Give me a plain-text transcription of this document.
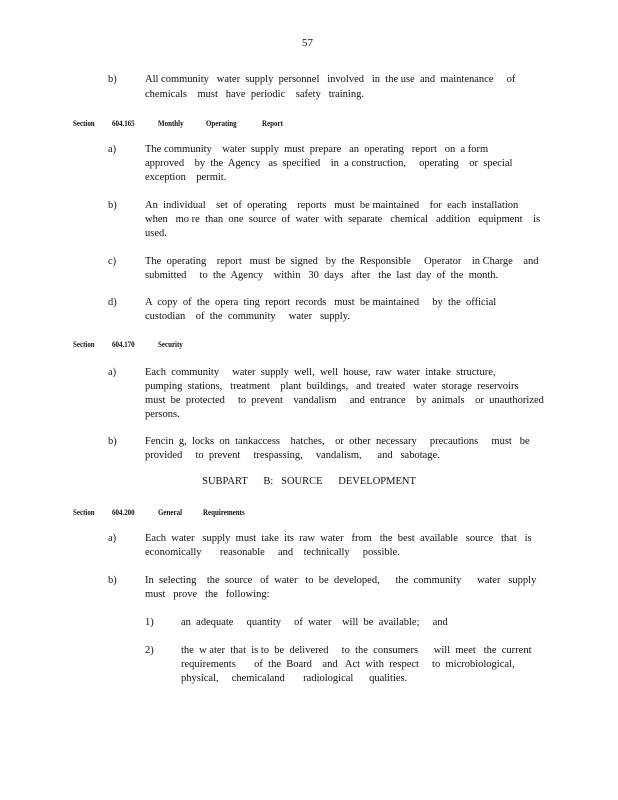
57
b)	All community   water  supply  personnel   involved   in  the use  and  maintenance     of
chemicals    must   have  periodic    safety   training.
Section 604.165	Monthly	Operating	Report
a)	The community    water  supply  must  prepare   an  operating   report   on  a form
approved    by  the  Agency   as  specified    in  a construction,     operating    or  special
exception    permit.
b)	An  individual    set  of  operating    reports   must  be maintained    for  each  installation
when   mo re  than  one  source  of  water  with  separate   chemical   addition   equipment    is
used.
c)	The  operating    report   must  be  signed   by  the  Responsible     Operator    in Charge    and
submitted     to  the  Agency    within   30  days   after   the  last  day  of  the  month.
d)	A  copy  of  the  opera  ting  report  records   must  be maintained     by  the  official
custodian    of  the  community     water   supply.
Section 604.170	Security
a)	Each  community     water  supply  well,  well  house,  raw  water  intake  structure,
pumping  stations,   treatment    plant  buildings,   and  treated   water  storage  reservoirs
must  be  protected     to  prevent    vandalism     and  entrance    by  animals    or  unauthorized
persons.
b)	Fencin  g,  locks  on  tankaccess    hatches,    or  other  necessary     precautions     must   be
provided     to  prevent     trespassing,     vandalism,      and   sabotage.
SUBPART      B:   SOURCE      DEVELOPMENT
Section 604.200	General Requirements
a)	Each  water   supply  must  take  its  raw  water   from   the  best  available   source   that   is
economically       reasonable     and    technically     possible.
b)	In  selecting    the  source   of  water   to  be  developed,      the  community      water   supply
must   prove   the   following:
1)	an  adequate     quantity     of  water    will  be  available;     and
2)	the  w ater  that  is to  be  delivered     to  the  consumers      will  meet   the  current
requirements       of  the  Board    and   Act  with  respect     to  microbiological,
physical,     chemicaland       radiological      qualities.
